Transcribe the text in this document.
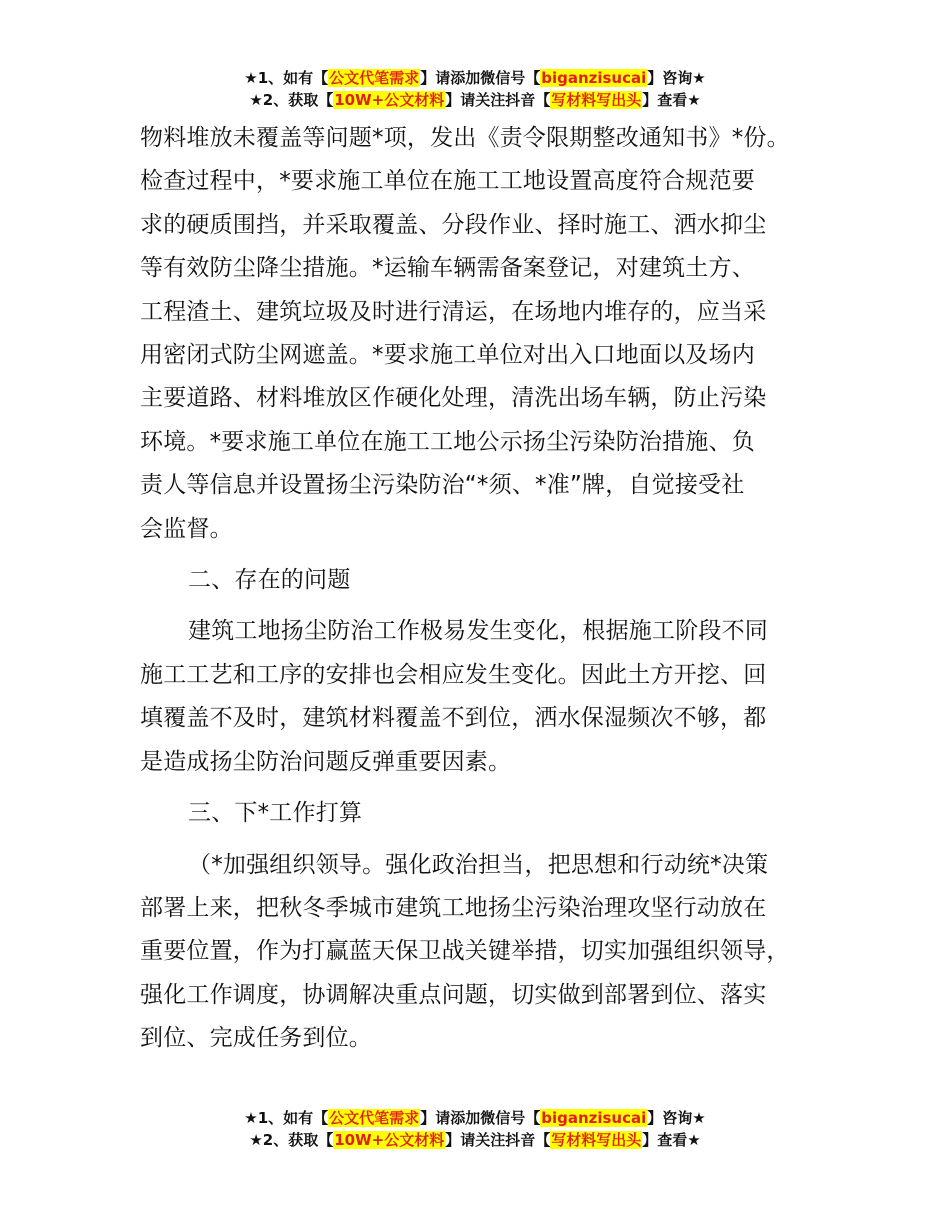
★1、如有【公文代笔需求】请添加微信号【biganzisucai】咨询★
★2、获取【10W+公文材料】请关注抖音【写材料写出头】查看★

物料堆放未覆盖等问题*项，发出《责令限期整改通知书》*份。
检查过程中，*要求施工单位在施工工地设置高度符合规范要
求的硬质围挡，并采取覆盖、分段作业、择时施工、洒水抑尘
等有效防尘降尘措施。*运输车辆需备案登记，对建筑土方、
工程渣土、建筑垃圾及时进行清运，在场地内堆存的，应当采
用密闭式防尘网遮盖。*要求施工单位对出入口地面以及场内
主要道路、材料堆放区作硬化处理，清洗出场车辆，防止污染
环境。*要求施工单位在施工工地公示扬尘污染防治措施、负
责人等信息并设置扬尘污染防治“*须、*准”牌，自觉接受社
会监督。

二、存在的问题

建筑工地扬尘防治工作极易发生变化，根据施工阶段不同
施工工艺和工序的安排也会相应发生变化。因此土方开挖、回
填覆盖不及时，建筑材料覆盖不到位，洒水保湿频次不够，都
是造成扬尘防治问题反弹重要因素。

三、下*工作打算

（*加强组织领导。强化政治担当，把思想和行动统*决策
部署上来，把秋冬季城市建筑工地扬尘污染治理攻坚行动放在
重要位置，作为打赢蓝天保卫战关键举措，切实加强组织领导，
强化工作调度，协调解决重点问题，切实做到部署到位、落实
到位、完成任务到位。

★1、如有【公文代笔需求】请添加微信号【biganzisucai】咨询★
★2、获取【10W+公文材料】请关注抖音【写材料写出头】查看★
